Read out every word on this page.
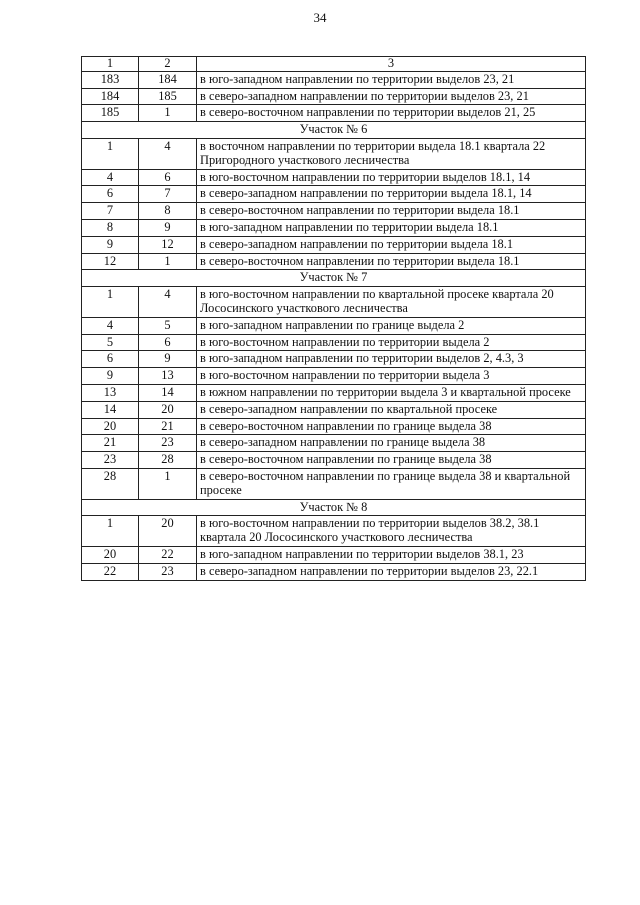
34
1	2	3
183	184	в юго-западном направлении по территории выделов 23, 21
184	185	в северо-западном направлении по территории выделов 23, 21
185	1	в северо-восточном направлении по территории выделов 21, 25
Участок № 6		
1	4	в восточном направлении по территории выдела 18.1 квартала 22 Пригородного участкового лесничества
4	6	в юго-восточном направлении по территории выделов 18.1, 14
6	7	в северо-западном направлении по территории выдела 18.1, 14
7	8	в северо-восточном направлении по территории выдела 18.1
8	9	в юго-западном направлении по территории выдела 18.1
9	12	в северо-западном направлении по территории выдела 18.1
12	1	в северо-восточном направлении по территории выдела 18.1
Участок № 7		
1	4	в юго-восточном направлении по квартальной просеке квартала 20 Лососинского участкового лесничества
4	5	в юго-западном направлении по границе выдела 2
5	6	в юго-восточном направлении по территории выдела 2
6	9	в юго-западном направлении по территории выделов 2, 4.3, 3
9	13	в юго-восточном направлении по территории выдела 3
13	14	в южном направлении по территории выдела 3 и квартальной просеке
14	20	в северо-западном направлении по квартальной просеке
20	21	в северо-восточном направлении по границе выдела 38
21	23	в северо-западном направлении по границе выдела 38
23	28	в северо-восточном направлении по границе выдела 38
28	1	в северо-восточном направлении по границе выдела 38 и квартальной просеке
Участок № 8		
1	20	в юго-восточном направлении по территории выделов 38.2, 38.1 квартала 20 Лососинского участкового лесничества
20	22	в юго-западном направлении по территории выделов 38.1, 23
22	23	в северо-западном направлении по территории выделов 23, 22.1
